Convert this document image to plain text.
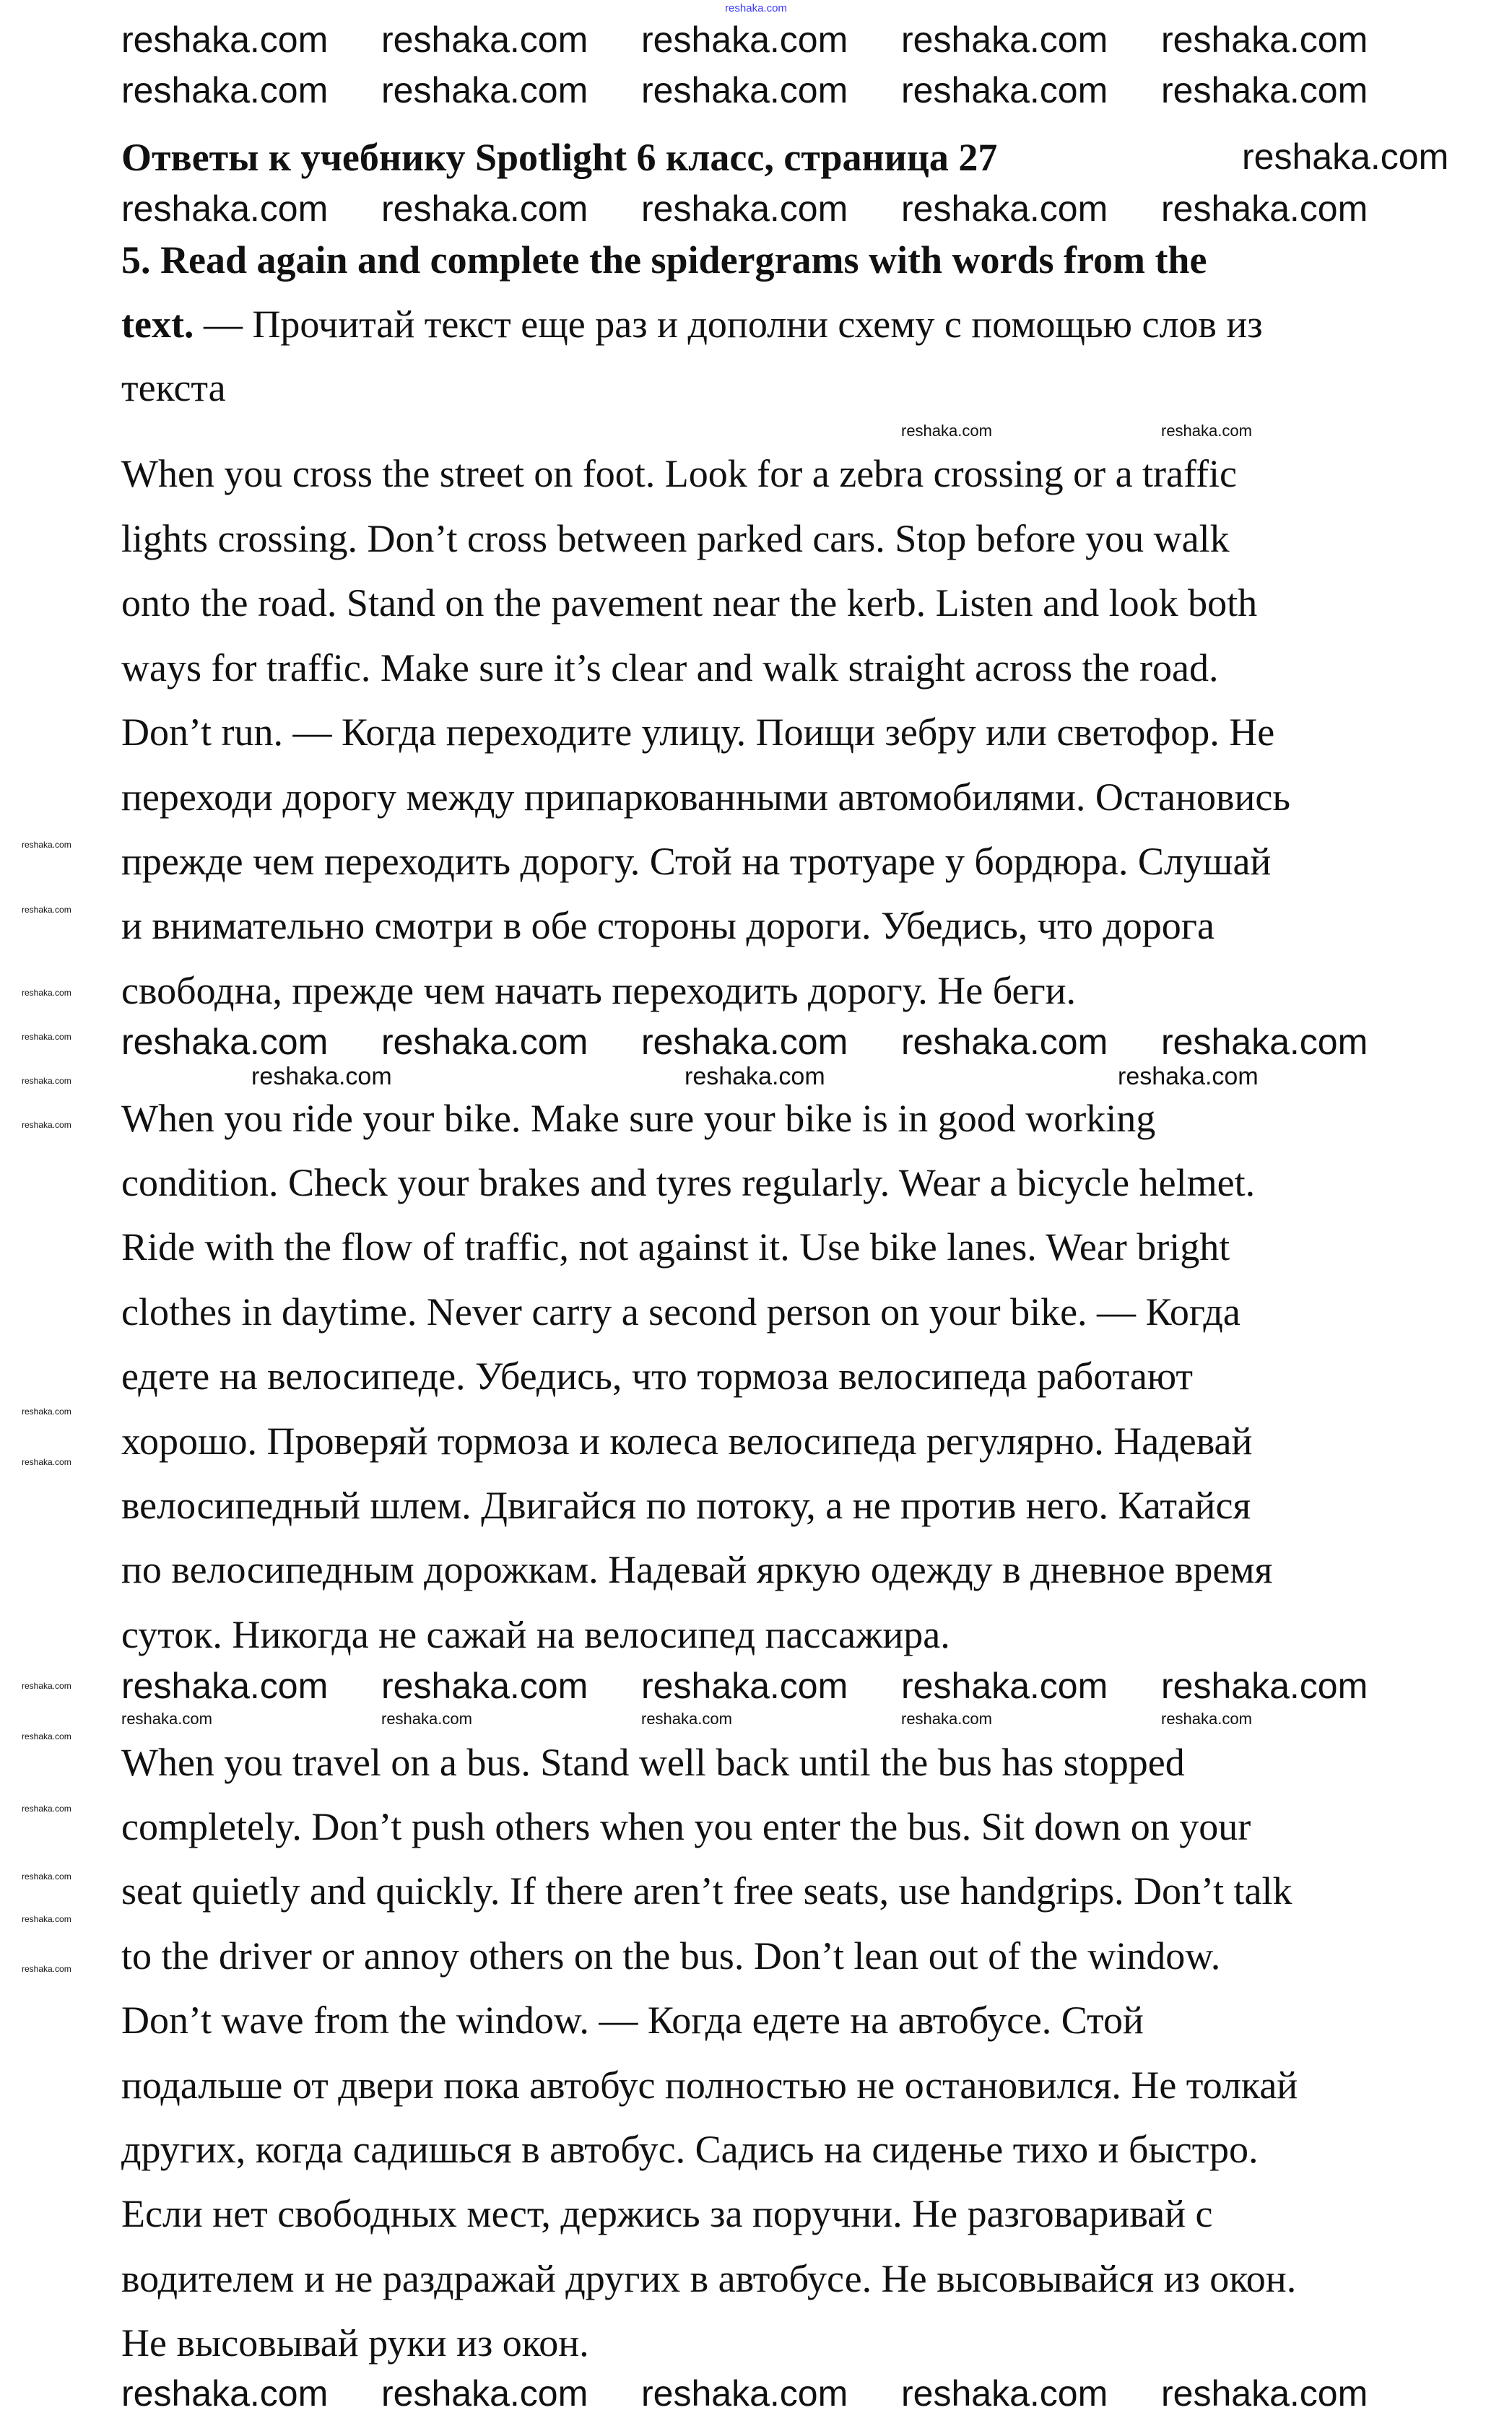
reshaka.com
Ответы к учебнику Spotlight 6 класс, страница 27
5. Read again and complete the spidergrams with words from the
text. — Прочитай текст еще раз и дополни схему с помощью слов из
текста
When you cross the street on foot. Look for a zebra crossing or a traffic
lights crossing. Don’t cross between parked cars. Stop before you walk
onto the road. Stand on the pavement near the kerb. Listen and look both
ways for traffic. Make sure it’s clear and walk straight across the road.
Don’t run. — Когда переходите улицу. Поищи зебру или светофор. Не
переходи дорогу между припаркованными автомобилями. Остановись
прежде чем переходить дорогу. Стой на тротуаре у бордюра. Слушай
и внимательно смотри в обе стороны дороги. Убедись, что дорога
свободна, прежде чем начать переходить дорогу. Не беги.
When you ride your bike. Make sure your bike is in good working
condition. Check your brakes and tyres regularly. Wear a bicycle helmet.
Ride with the flow of traffic, not against it. Use bike lanes. Wear bright
clothes in daytime. Never carry a second person on your bike. — Когда
едете на велосипеде. Убедись, что тормоза велосипеда работают
хорошо. Проверяй тормоза и колеса велосипеда регулярно. Надевай
велосипедный шлем. Двигайся по потоку, а не против него. Катайся
по велосипедным дорожкам. Надевай яркую одежду в дневное время
суток. Никогда не сажай на велосипед пассажира.
When you travel on a bus. Stand well back until the bus has stopped
completely. Don’t push others when you enter the bus. Sit down on your
seat quietly and quickly. If there aren’t free seats, use handgrips. Don’t talk
to the driver or annoy others on the bus. Don’t lean out of the window.
Don’t wave from the window. — Когда едете на автобусе. Стой
подальше от двери пока автобус полностью не остановился. Не толкай
других, когда садишься в автобус. Садись на сиденье тихо и быстро.
Если нет свободных мест, держись за поручни. Не разговаривай с
водителем и не раздражай других в автобусе. Не высовывайся из окон.
Не высовывай руки из окон.
reshaka.com reshaka.com reshaka.com reshaka.com reshaka.com
reshaka.com reshaka.com reshaka.com reshaka.com reshaka.com
reshaka.com
reshaka.com reshaka.com reshaka.com reshaka.com reshaka.com
reshaka.com	reshaka.com
reshaka.com reshaka.com reshaka.com reshaka.com reshaka.com
reshaka.com	reshaka.com	reshaka.com
reshaka.com reshaka.com reshaka.com reshaka.com reshaka.com
reshaka.com	reshaka.com	reshaka.com	reshaka.com	reshaka.com
reshaka.com reshaka.com reshaka.com reshaka.com reshaka.com
reshaka.com
reshaka.com
reshaka.com
reshaka.com
reshaka.com
reshaka.com
reshaka.com
reshaka.com
reshaka.com
reshaka.com
reshaka.com
reshaka.com
reshaka.com
reshaka.com
